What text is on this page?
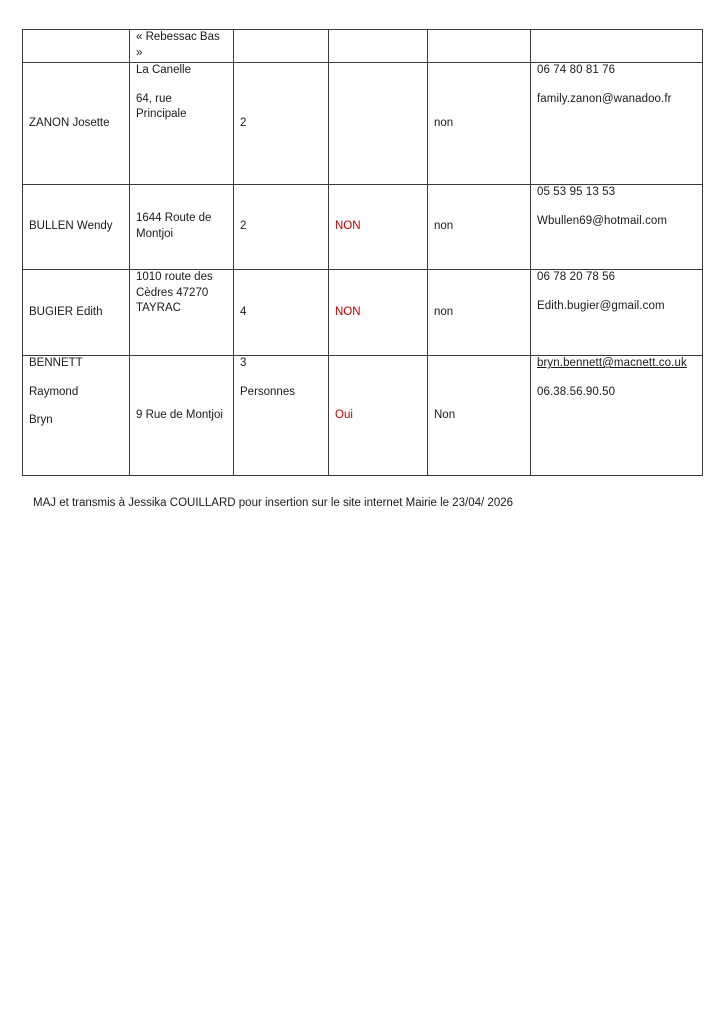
	« Rebessac Bas »				

ZANON Josette	La Canelle
64, rue
Principale	2		non	06 74 80 81 76
family.zanon@wanadoo.fr

BULLEN Wendy	1644 Route de
Montjoi	2	NON	non	05 53 95 13 53
Wbullen69@hotmail.com

BUGIER Edith	1010 route des
Cèdres 47270
TAYRAC	4	NON	non	06 78 20 78 56
Edith.bugier@gmail.com

BENNETT
Raymond
Bryn	9 Rue de Montjoi	3
Personnes	Oui	Non	bryn.bennett@macnett.co.uk
06.38.56.90.50
MAJ et transmis à Jessika COUILLARD pour insertion sur le site internet Mairie le 23/04/ 2026
